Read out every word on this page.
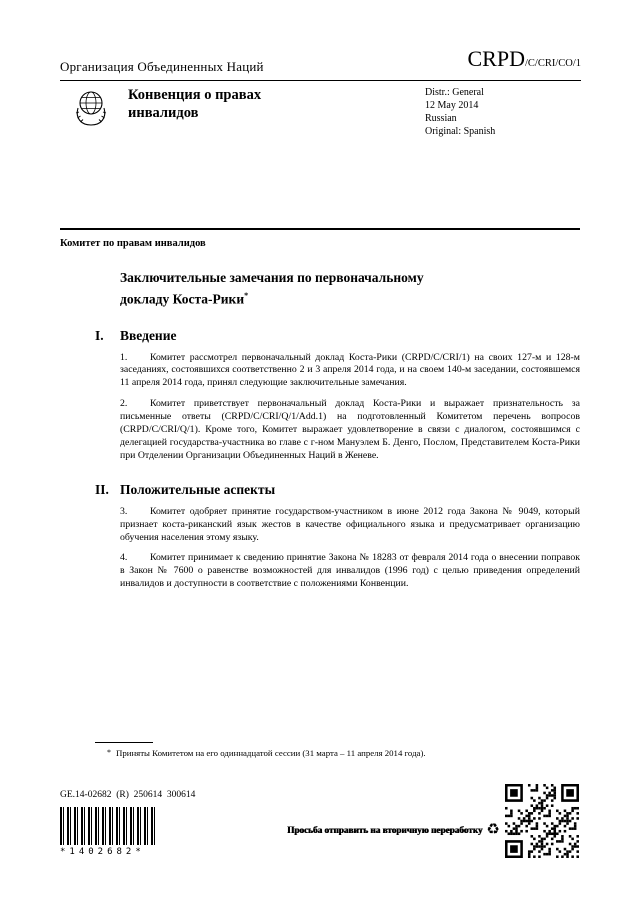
Организация Объединенных Наций	CRPD/C/CRI/CO/1
Конвенция о правах
инвалидов
Distr.: General
12 May 2014
Russian
Original: Spanish
Комитет по правам инвалидов
Заключительные замечания по первоначальному
докладу Коста-Рики*
I.	Введение

1. Комитет рассмотрел первоначальный доклад Коста-Рики (CRPD/C/CRI/1) на своих 127-м и 128-м заседаниях, состоявшихся соответственно 2 и 3 апреля 2014 года, и на своем 140-м заседании, состоявшемся 11 апреля 2014 года, принял следующие заключительные замечания.

2. Комитет приветствует первоначальный доклад Коста-Рики и выражает признательность за письменные ответы (CRPD/C/CRI/Q/1/Add.1) на подготовленный Комитетом перечень вопросов (CRPD/C/CRI/Q/1). Кроме того, Комитет выражает удовлетворение в связи с диалогом, состоявшимся с делегацией государства-участника во главе с г-ном Мануэлем Б. Денго, Послом, Представителем Коста-Рики при Отделении Организации Объединенных Наций в Женеве.

II. Положительные аспекты

3. Комитет одобряет принятие государством-участником в июне 2012 года Закона № 9049, который признает коста-риканский язык жестов в качестве официального языка и предусматривает организацию обучения населения этому языку.

4. Комитет принимает к сведению принятие Закона № 18283 от февраля 2014 года о внесении поправок в Закон № 7600 о равенстве возможностей для инвалидов (1996 год) с целью приведения определений инвалидов и доступности в соответствие с положениями Конвенции.

* Приняты Комитетом на его одиннадцатой сессии (31 марта – 11 апреля 2014 года).
GE.14-02682  (R)  250614  300614
*1402682*
Просьба отправить на вторичную переработку ♻
